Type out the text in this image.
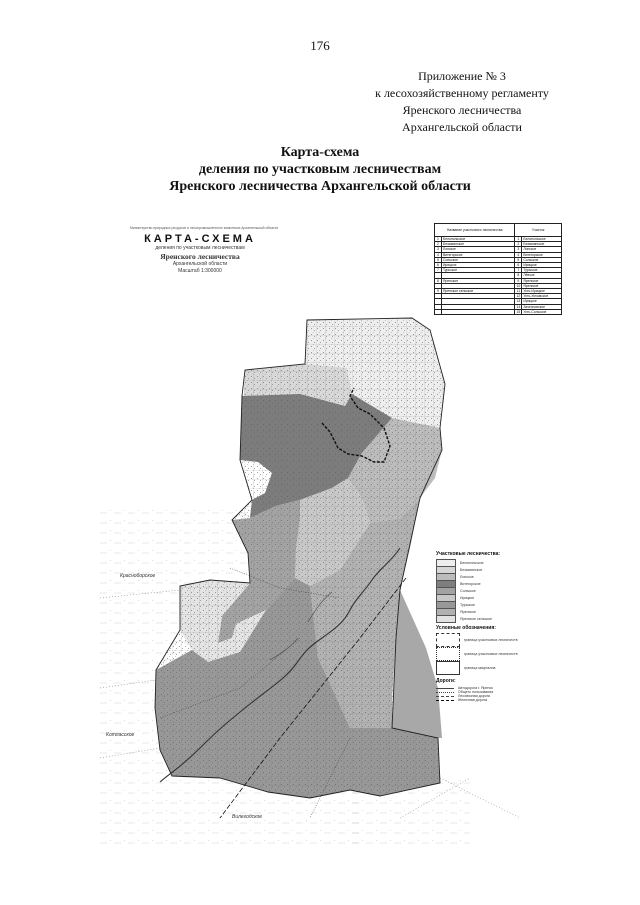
176
Приложение № 3
к лесохозяйственному регламенту
Яренского лесничества
Архангельской области
Карта-схема
деления по участковым лесничествам
Яренского лесничества Архангельской области
Министерство природных ресурсов и лесопромышленного комплекса Архангельской области
КАРТА-СХЕМА
деления по участковым лесничествам
Яренского лесничества
Архангельской области
Масштаб 1:300000
Название участкового лесничества		Участок	
1	Белопольское	1	Белопольское
2	Безымянское	2	Безымянское
3	Лопское	3	Лопское
4	Витегорское	4	Витегорское
5	Сольское	5	Сольское
6	Ирицкое	6	Ирицкое
7	Турьское	7	Турьское
		8	Лёвчое
8	Яренское	9	Яренское
		10	Яренское
9	Яренское сельское	11	Усть-Ирицкое
		12	Усть-Уктымское
		13	Ирицкое
		14	Зачесновское
		15	Усть-Сольское
Участковые лесничества:
Белопольское
Безымянское
Лопское
Витегорское
Сольское
Ирицкое
Турьское
Яренское
Яренское сельское
Условные обозначения:
граница участковых лесничеств
граница участковых лесничеств
граница кварталов
Дороги:
Автодорога г. Яренск
Общего пользования
Лесовозная дорога
Железная дорога
Красноборское
Котласское
Вилегодское
